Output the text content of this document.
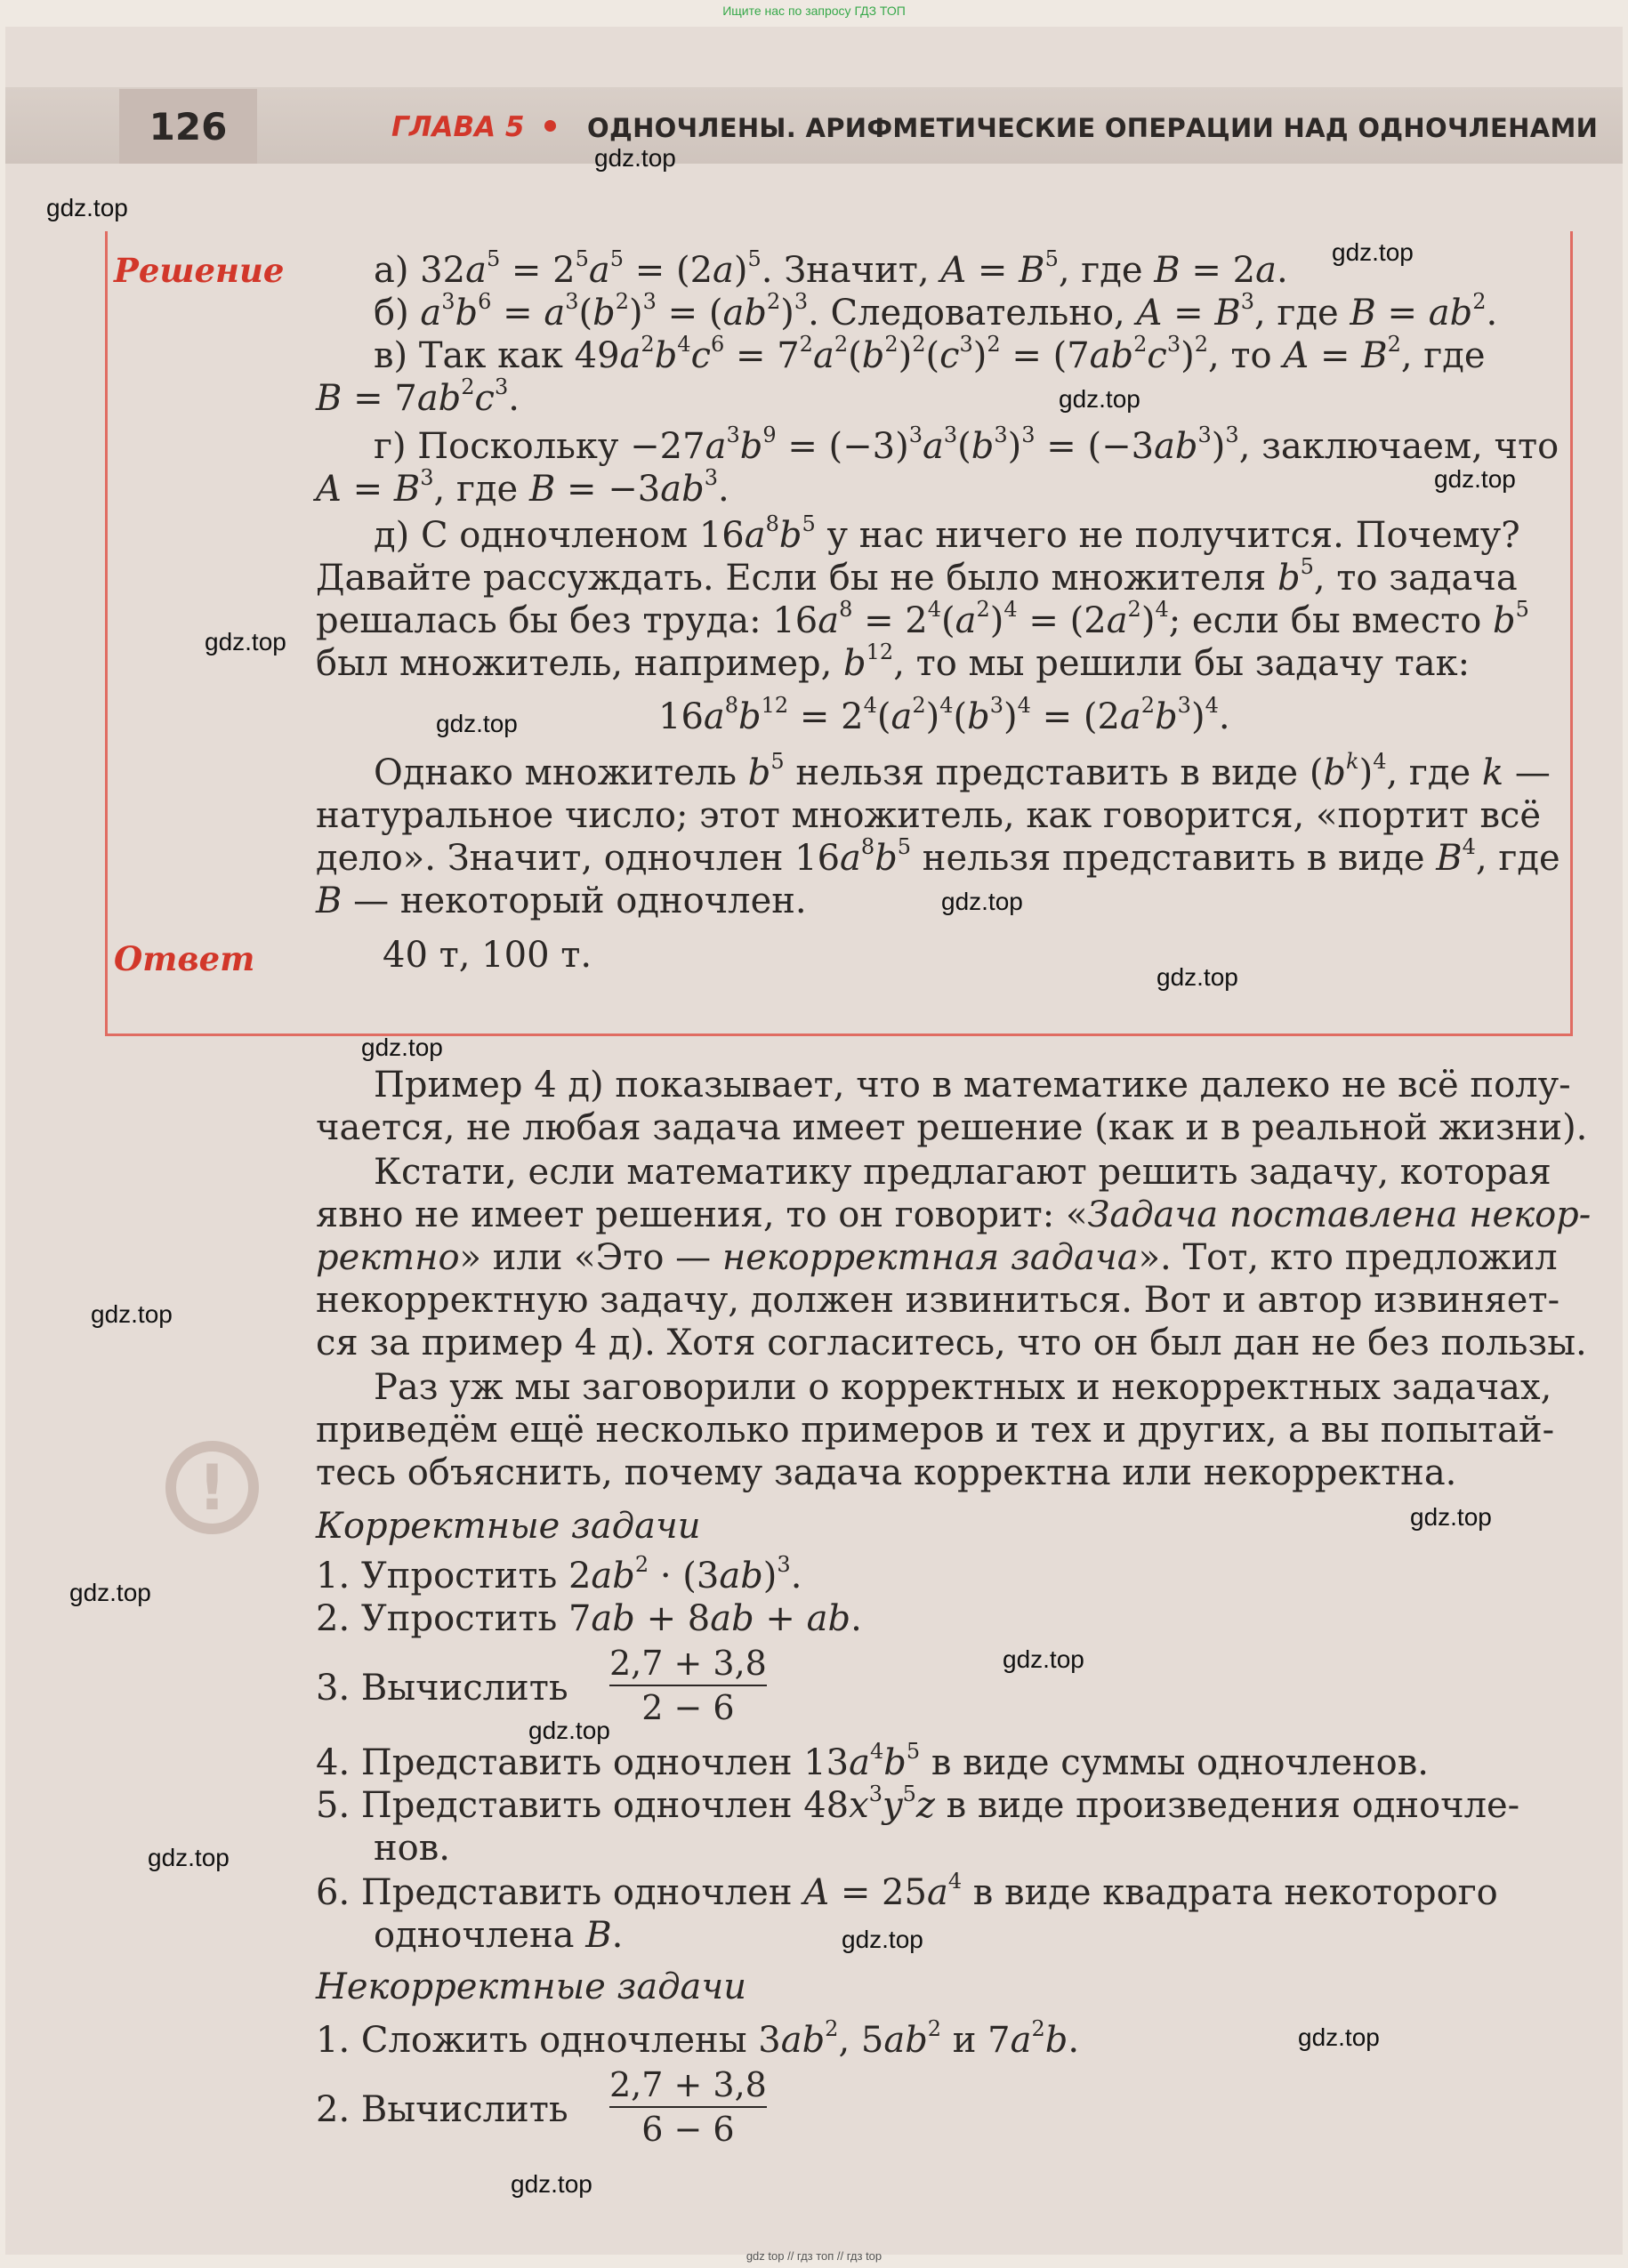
Ищите нас по запросу ГДЗ ТОП
126
!
ГЛАВА 5 ОДНОЧЛЕНЫ. АРИФМЕТИЧЕСКИЕ ОПЕРАЦИИ НАД ОДНОЧЛЕНАМИ
Решение
Ответ
а) $32a^5 = 2^5a^5 = (2a)^5$. Значит, $A = B^5$, где B = 2a.
б) $a^3b^6 = a^3(b^2)^3 = (ab^2)^3$. Следовательно, $A = B^3$, где $B = ab^2$.
в) Так как $49a^2b^4c^6 = 7^2a^2(b^2)^2(c^3)^2 = (7ab^2c^3)^2$, то $A = B^2$, где
$B = 7ab^2c^3$.
г) Поскольку $-27a^3b^9 = (-3)^3a^3(b^3)^3 = (-3ab^3)^3$, заключаем, что
$A = B^3$, где $B = -3ab^3$.
д) С одночленом $16a^8b^5$ у нас ничего не получится. Почему?
Давайте рассуждать. Если бы не было множителя $b^5$, то задача
решалась бы без труда: $16a^8 = 2^4(a^2)^4 = (2a^2)^4$; если бы вместо $b^5$
был множитель, например, $b^{12}$, то мы решили бы задачу так:
$16a^8b^{12} = 2^4(a^2)^4(b^3)^4 = (2a^2b^3)^4$.
Однако множитель $b^5$ нельзя представить в виде $(b^k)^4$, где k —
натуральное число; этот множитель, как говорится, «портит всё
дело». Значит, одночлен $16a^8b^5$ нельзя представить в виде $B^4$, где
B — некоторый одночлен.
40 т, 100 т.
Пример 4 д) показывает, что в математике далеко не всё полу-
чается, не любая задача имеет решение (как и в реальной жизни).
Кстати, если математику предлагают решить задачу, которая
явно не имеет решения, то он говорит: «Задача поставлена некор-
ректно» или «Это — некорректная задача». Тот, кто предложил
некорректную задачу, должен извиниться. Вот и автор извиняет-
ся за пример 4 д). Хотя согласитесь, что он был дан не без пользы.
Раз уж мы заговорили о корректных и некорректных задачах,
приведём ещё несколько примеров и тех и других, а вы попытай-
тесь объяснить, почему задача корректна или некорректна.
Корректные задачи
1. Упростить $2ab^2 \cdot (3ab)^3$.
2. Упростить 7ab + 8ab + ab.
3. Вычислить
2,7 + 3,8
2 − 6
4. Представить одночлен $13a^4b^5$ в виде суммы одночленов.
5. Представить одночлен $48x^3y^5z$ в виде произведения одночле-
нов.
6. Представить одночлен $A = 25a^4$ в виде квадрата некоторого
одночлена B.
Некорректные задачи
1. Сложить одночлены $3ab^2$, $5ab^2$ и $7a^2b$.
2. Вычислить
2,7 + 3,8
6 − 6
gdz.top
gdz.top
gdz.top
gdz.top
gdz.top
gdz.top
gdz.top
gdz.top
gdz.top
gdz.top
gdz.top
gdz.top
gdz.top
gdz.top
gdz.top
gdz.top
gdz.top
gdz.top
gdz.top
gdz top // гдз топ // гдз top
